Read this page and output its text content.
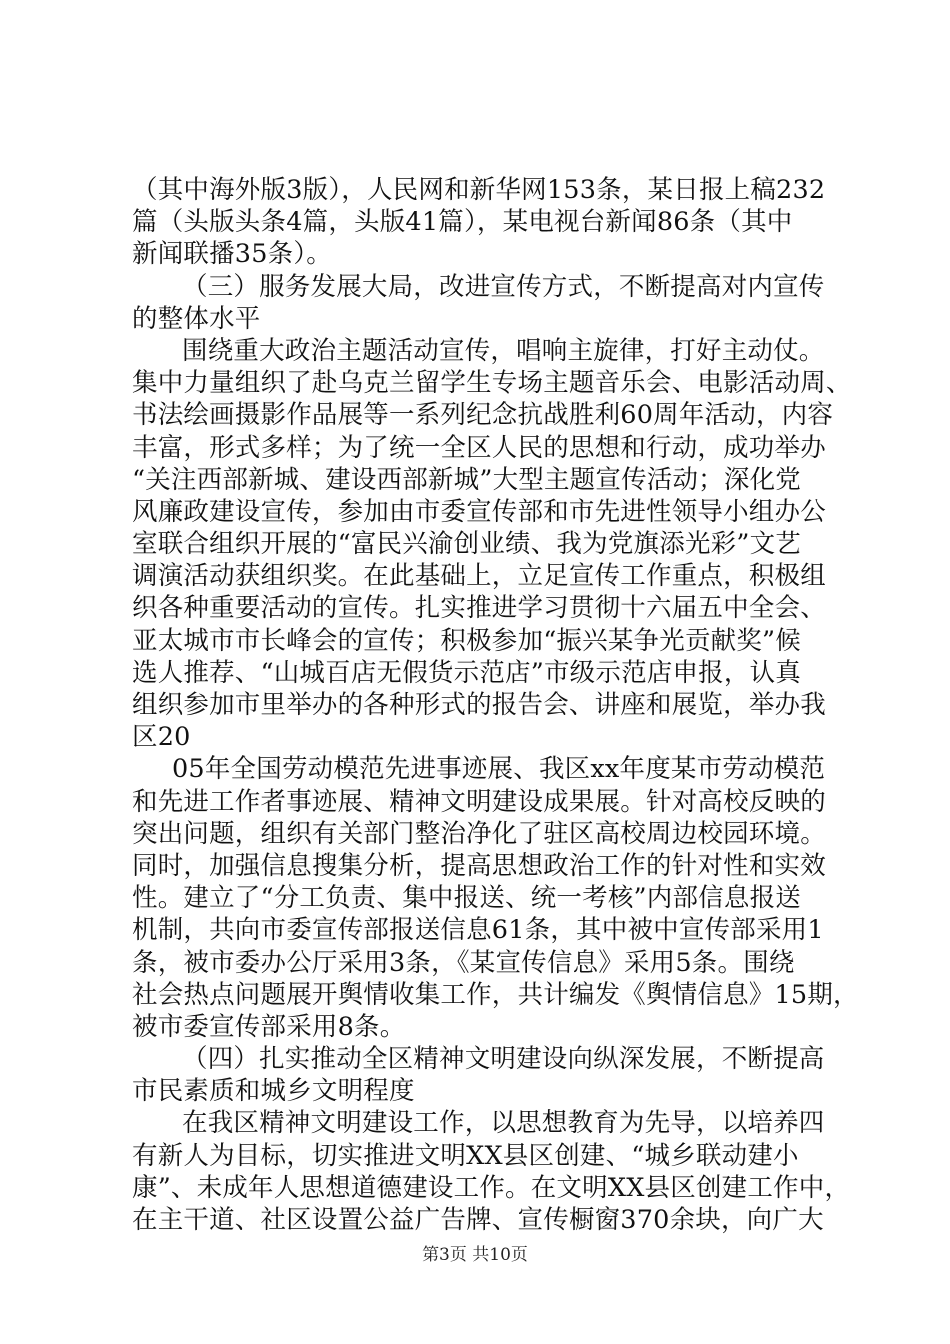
（其中海外版3版），人民网和新华网153条，某日报上稿232
篇（头版头条4篇，头版41篇），某电视台新闻86条（其中
新闻联播35条）。
（三）服务发展大局，改进宣传方式，不断提高对内宣传
的整体水平
围绕重大政治主题活动宣传，唱响主旋律，打好主动仗。
集中力量组织了赴乌克兰留学生专场主题音乐会、电影活动周、
书法绘画摄影作品展等一系列纪念抗战胜利60周年活动，内容
丰富，形式多样；为了统一全区人民的思想和行动，成功举办
“关注西部新城、建设西部新城”大型主题宣传活动；深化党
风廉政建设宣传，参加由市委宣传部和市先进性领导小组办公
室联合组织开展的“富民兴渝创业绩、我为党旗添光彩”文艺
调演活动获组织奖。在此基础上，立足宣传工作重点，积极组
织各种重要活动的宣传。扎实推进学习贯彻十六届五中全会、
亚太城市市长峰会的宣传；积极参加“振兴某争光贡献奖”候
选人推荐、“山城百店无假货示范店”市级示范店申报，认真
组织参加市里举办的各种形式的报告会、讲座和展览，举办我
区20
05年全国劳动模范先进事迹展、我区xx年度某市劳动模范
和先进工作者事迹展、精神文明建设成果展。针对高校反映的
突出问题，组织有关部门整治净化了驻区高校周边校园环境。
同时，加强信息搜集分析，提高思想政治工作的针对性和实效
性。建立了“分工负责、集中报送、统一考核”内部信息报送
机制，共向市委宣传部报送信息61条，其中被中宣传部采用1
条，被市委办公厅采用3条，《某宣传信息》采用5条。围绕
社会热点问题展开舆情收集工作，共计编发《舆情信息》15期，
被市委宣传部采用8条。
（四）扎实推动全区精神文明建设向纵深发展，不断提高
市民素质和城乡文明程度
在我区精神文明建设工作，以思想教育为先导，以培养四
有新人为目标，切实推进文明XX县区创建、“城乡联动建小
康”、未成年人思想道德建设工作。在文明XX县区创建工作中，
在主干道、社区设置公益广告牌、宣传橱窗370余块，向广大
第3页 共10页
